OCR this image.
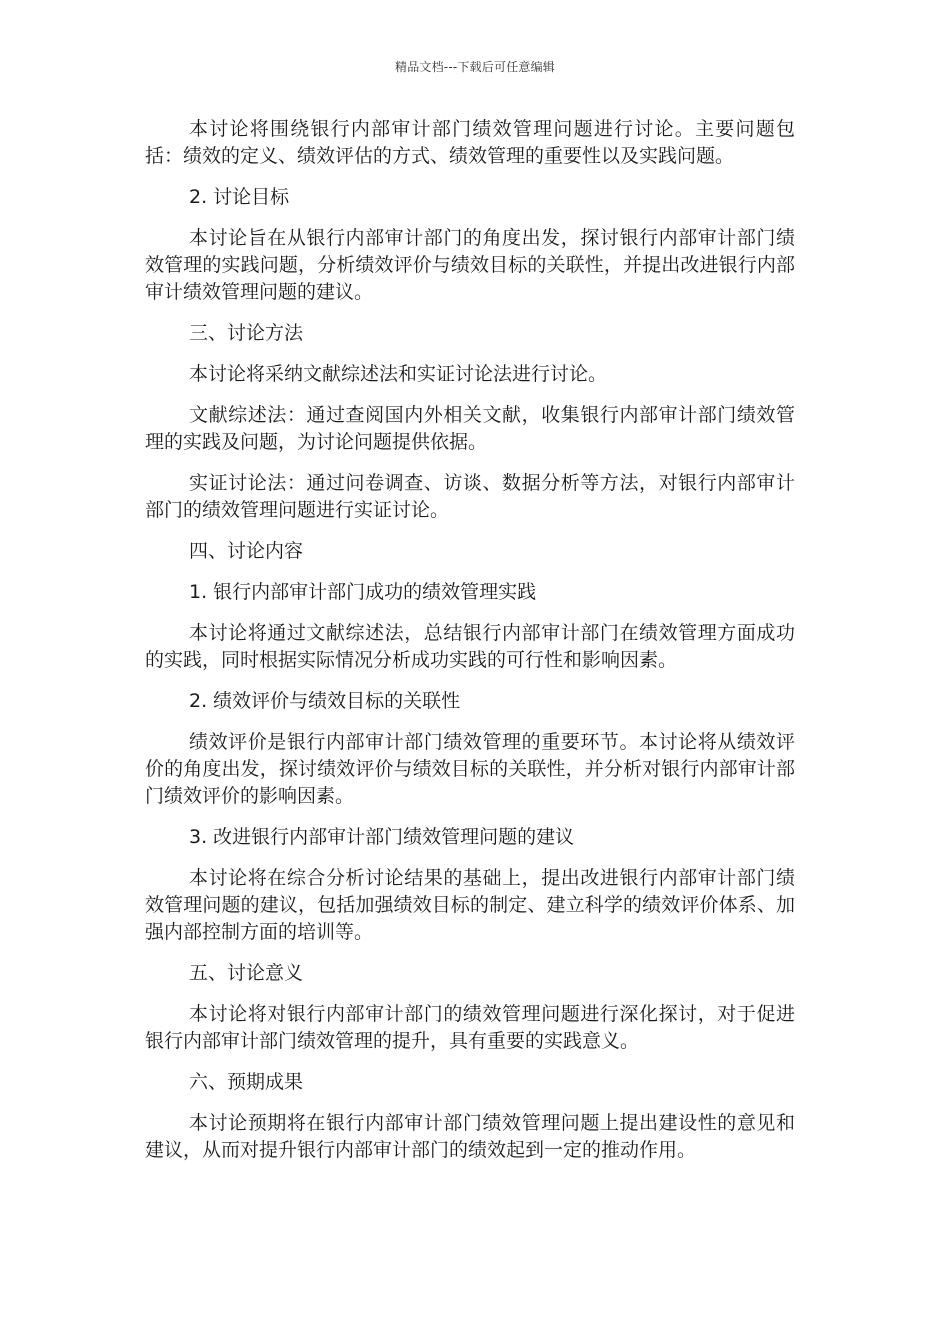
精品文档---下载后可任意编辑

本讨论将围绕银行内部审计部门绩效管理问题进行讨论。主要问题包括：绩效的定义、绩效评估的方式、绩效管理的重要性以及实践问题。

2. 讨论目标

本讨论旨在从银行内部审计部门的角度出发，探讨银行内部审计部门绩效管理的实践问题，分析绩效评价与绩效目标的关联性，并提出改进银行内部审计绩效管理问题的建议。

三、讨论方法

本讨论将采纳文献综述法和实证讨论法进行讨论。

文献综述法：通过查阅国内外相关文献，收集银行内部审计部门绩效管理的实践及问题，为讨论问题提供依据。

实证讨论法：通过问卷调查、访谈、数据分析等方法，对银行内部审计部门的绩效管理问题进行实证讨论。

四、讨论内容

1. 银行内部审计部门成功的绩效管理实践

本讨论将通过文献综述法，总结银行内部审计部门在绩效管理方面成功的实践，同时根据实际情况分析成功实践的可行性和影响因素。

2. 绩效评价与绩效目标的关联性

绩效评价是银行内部审计部门绩效管理的重要环节。本讨论将从绩效评价的角度出发，探讨绩效评价与绩效目标的关联性，并分析对银行内部审计部门绩效评价的影响因素。

3. 改进银行内部审计部门绩效管理问题的建议

本讨论将在综合分析讨论结果的基础上，提出改进银行内部审计部门绩效管理问题的建议，包括加强绩效目标的制定、建立科学的绩效评价体系、加强内部控制方面的培训等。

五、讨论意义

本讨论将对银行内部审计部门的绩效管理问题进行深化探讨，对于促进银行内部审计部门绩效管理的提升，具有重要的实践意义。

六、预期成果

本讨论预期将在银行内部审计部门绩效管理问题上提出建设性的意见和建议，从而对提升银行内部审计部门的绩效起到一定的推动作用。
